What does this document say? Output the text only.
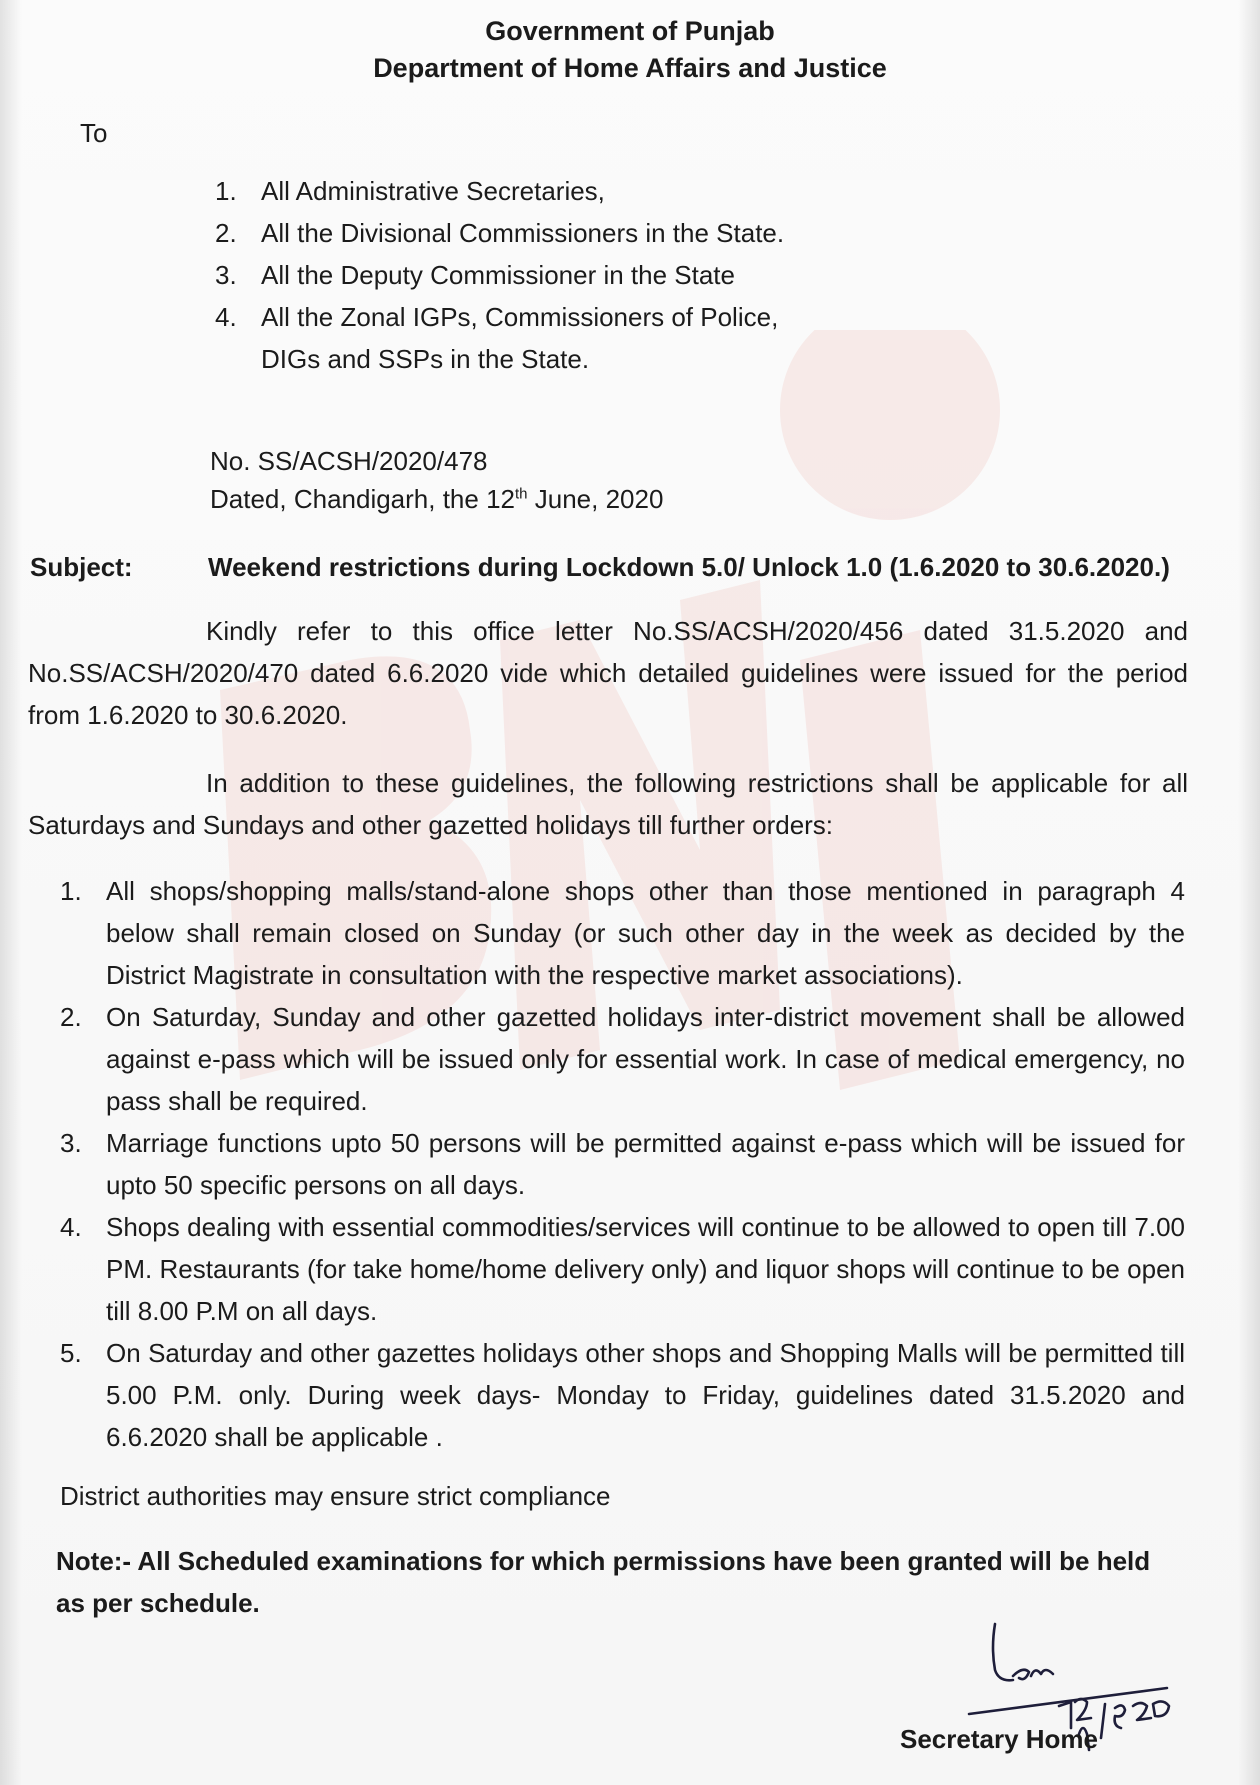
Government of Punjab
Department of Home Affairs and Justice
To
1. All Administrative Secretaries,
2. All the Divisional Commissioners in the State.
3. All the Deputy Commissioner in the State
4. All the Zonal IGPs, Commissioners of Police,
DIGs and SSPs in the State.
No. SS/ACSH/2020/478
Dated, Chandigarh, the 12th June, 2020
Subject:	Weekend restrictions during Lockdown 5.0/ Unlock 1.0 (1.6.2020 to 30.6.2020.)
Kindly refer to this office letter No.SS/ACSH/2020/456 dated 31.5.2020 and No.SS/ACSH/2020/470 dated 6.6.2020 vide which detailed guidelines were issued for the period from 1.6.2020 to 30.6.2020.
In addition to these guidelines, the following restrictions shall be applicable for all Saturdays and Sundays and other gazetted holidays till further orders:
1. All shops/shopping malls/stand-alone shops other than those mentioned in paragraph 4 below shall remain closed on Sunday (or such other day in the week as decided by the District Magistrate in consultation with the respective market associations).
2. On Saturday, Sunday and other gazetted holidays inter-district movement shall be allowed against e-pass which will be issued only for essential work. In case of medical emergency, no pass shall be required.
3. Marriage functions upto 50 persons will be permitted against e-pass which will be issued for upto 50 specific persons on all days.
4. Shops dealing with essential commodities/services will continue to be allowed to open till 7.00 PM. Restaurants (for take home/home delivery only) and liquor shops will continue to be open till 8.00 P.M on all days.
5. On Saturday and other gazettes holidays other shops and Shopping Malls will be permitted till 5.00 P.M. only. During week days- Monday to Friday, guidelines dated 31.5.2020 and 6.6.2020 shall be applicable .
District authorities may ensure strict compliance
Note:- All Scheduled examinations for which permissions have been granted will be held as per schedule.
Secretary Home
